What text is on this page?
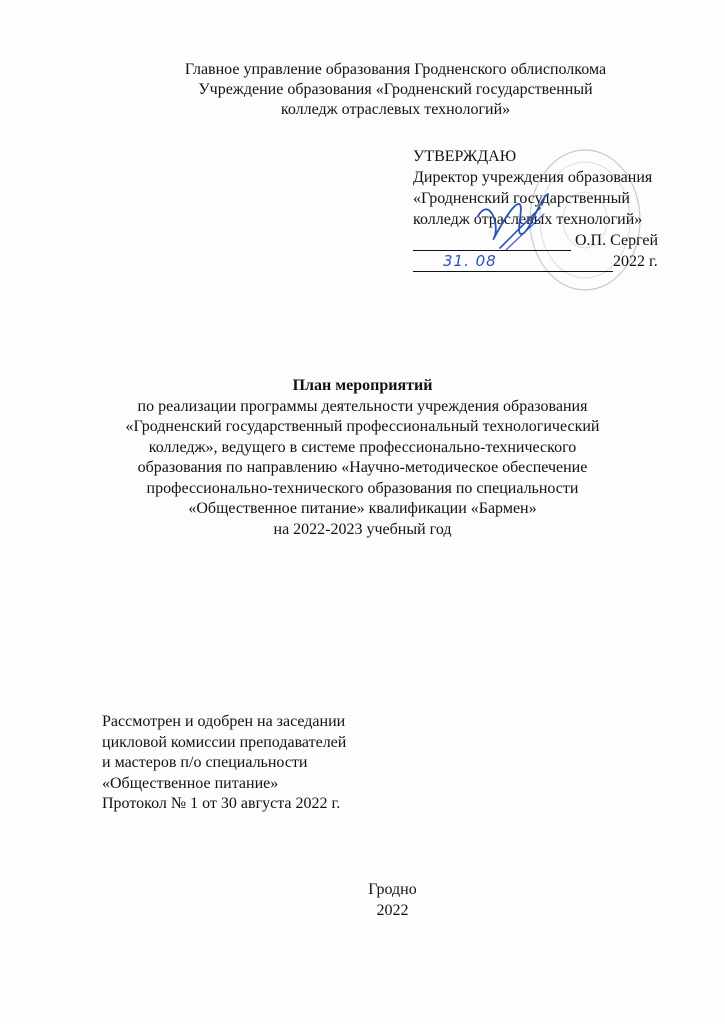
Главное управление образования Гродненского облисполкома
Учреждение образования «Гродненский государственный
колледж отраслевых технологий»
УТВЕРЖДАЮ
Директор учреждения образования
«Гродненский государственный
колледж отраслевых технологий»
О.П. Сергей
31. 08	2022 г.
План мероприятий
по реализации программы деятельности учреждения образования
«Гродненский государственный профессиональный технологический
колледж», ведущего в системе профессионально-технического
образования по направлению «Научно-методическое обеспечение
профессионально-технического образования по специальности
«Общественное питание» квалификации «Бармен»
на 2022-2023 учебный год
Рассмотрен и одобрен на заседании
цикловой комиссии преподавателей
и мастеров п/о специальности
«Общественное питание»
Протокол № 1 от 30 августа 2022 г.
Гродно
2022
